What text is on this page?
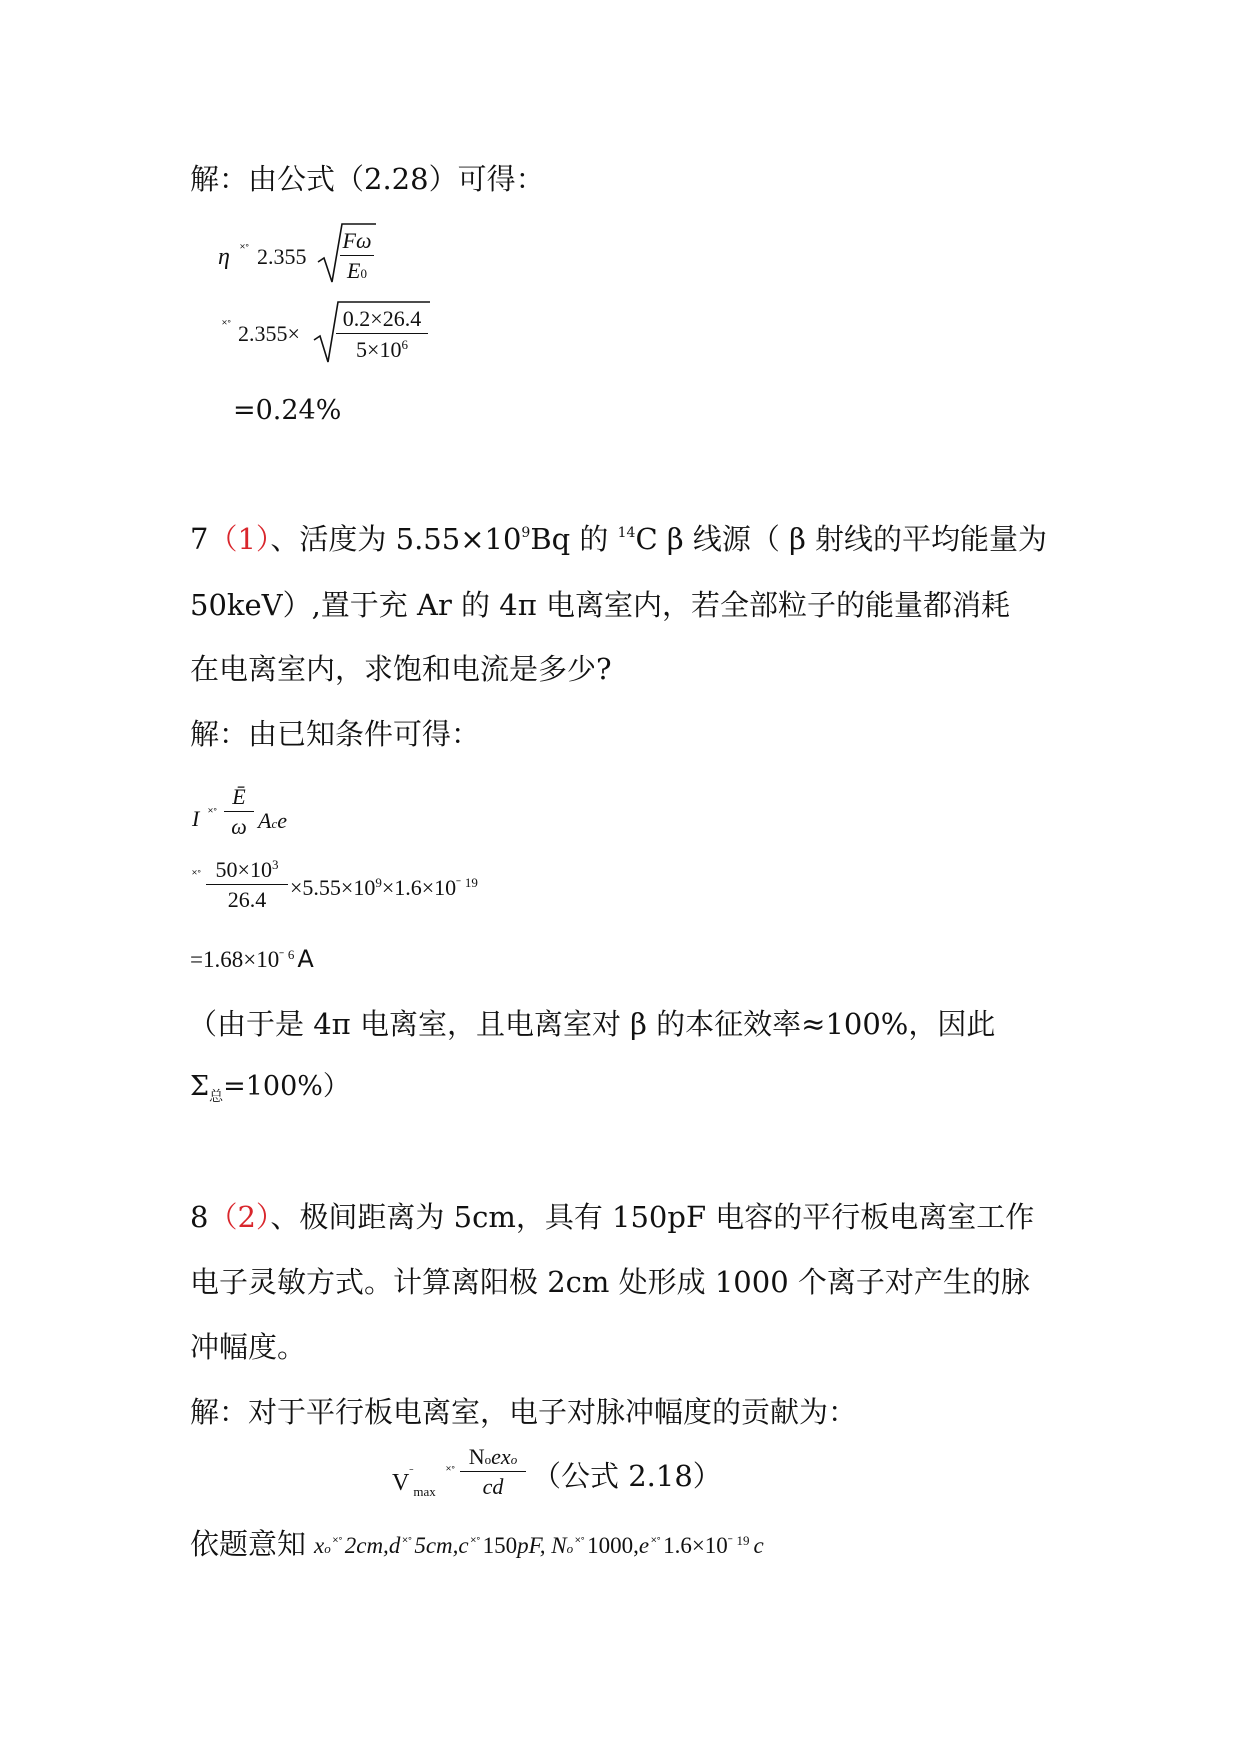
解：由公式（2.28）可得：
η ˟˚ $2.355 \frac{F\omega}{E0}$
˟˚ $2.355\times \frac{0.2\times 26.4}{5\times 10^6}$
=0.24%
7（1）、活度为 $5.55\times 10^9Bq$ 的 $^{14}$C β 线源（ β 射线的平均能量为
50keV）,置于充 Ar 的 4π 电离室内，若全部粒子的能量都消耗
在电离室内，求饱和电流是多少?
解：由已知条件可得：
I ˟˚ $\frac{Ē}{\omega}$ Ace
˟˚ $\frac{50\times 10^3}{26.4} \times 5.55\times 10^9\times 1.6\times 10^ˉ$ $^{19}$
$=1.68\times 10^ˉ$ $^6$ A
（由于是 4π 电离室，且电离室对 β 的本征效率≈100%，因此
$\Sigma_总=100\%$）
8（2）、极间距离为 5cm，具有 150pF 电容的平行板电离室工作
电子灵敏方式。计算离阳极 2cm 处形成 1000 个离子对产生的脉
冲幅度。
解：对于平行板电离室，电子对脉冲幅度的贡献为：
$V^ˉ_{max}$
˟˚
Noexo
cd （公式 2.18）
依题意知 xo ˟˚2cm,d ˟˚5cm,c ˟˚150pF, No ˟˚1000,e $^{˟˚}1.6\times 10^ˉ$ $^{19}$ c
